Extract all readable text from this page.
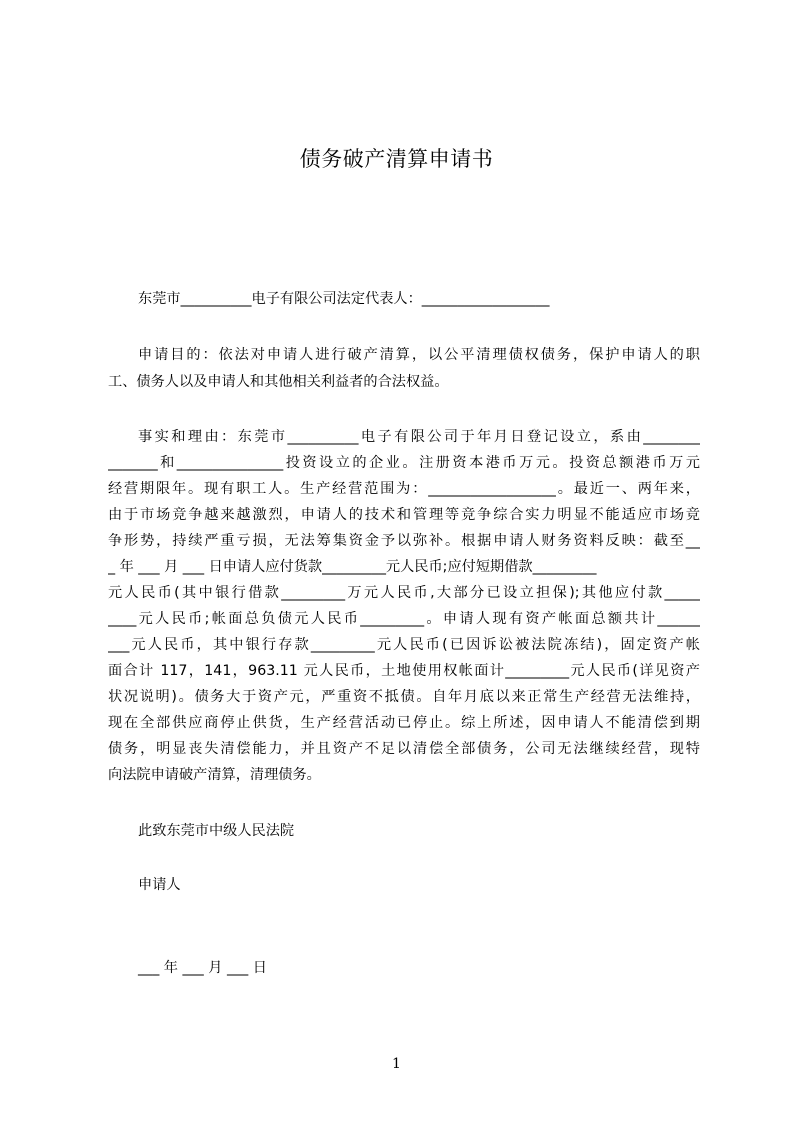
债务破产清算申请书
东莞市__________电子有限公司法定代表人：__________________
申请目的：依法对申请人进行破产清算，以公平清理债权债务，保护申请人的职
工、债务人以及申请人和其他相关利益者的合法权益。
事实和理由：东莞市__________电子有限公司于年月日登记设立，系由________
_______和_______________投资设立的企业。注册资本港币万元。投资总额港币万元
经营期限年。现有职工人。生产经营范围为：__________________。最近一、两年来，
由于市场竞争越来越激烈，申请人的技术和管理等竞争综合实力明显不能适应市场竞
争形势，持续严重亏损，无法筹集资金予以弥补。根据申请人财务资料反映：截至__
_ 年 ___ 月 ___ 日申请人应付货款_________元人民币;应付短期借款_________
元人民币(其中银行借款_________万元人民币,大部分已设立担保);其他应付款_____
____元人民币;帐面总负债元人民币_________。申请人现有资产帐面总额共计______
___元人民币，其中银行存款_________元人民币(已因诉讼被法院冻结)，固定资产帐
面合计 117，141，963.11 元人民币，土地使用权帐面计_________元人民币(详见资产
状况说明)。债务大于资产元，严重资不抵债。自年月底以来正常生产经营无法维持，
现在全部供应商停止供货，生产经营活动已停止。综上所述，因申请人不能清偿到期
债务，明显丧失清偿能力，并且资产不足以清偿全部债务，公司无法继续经营，现特
向法院申请破产清算，清理债务。
此致东莞市中级人民法院
申请人
___ 年 ___ 月 ___ 日
1
